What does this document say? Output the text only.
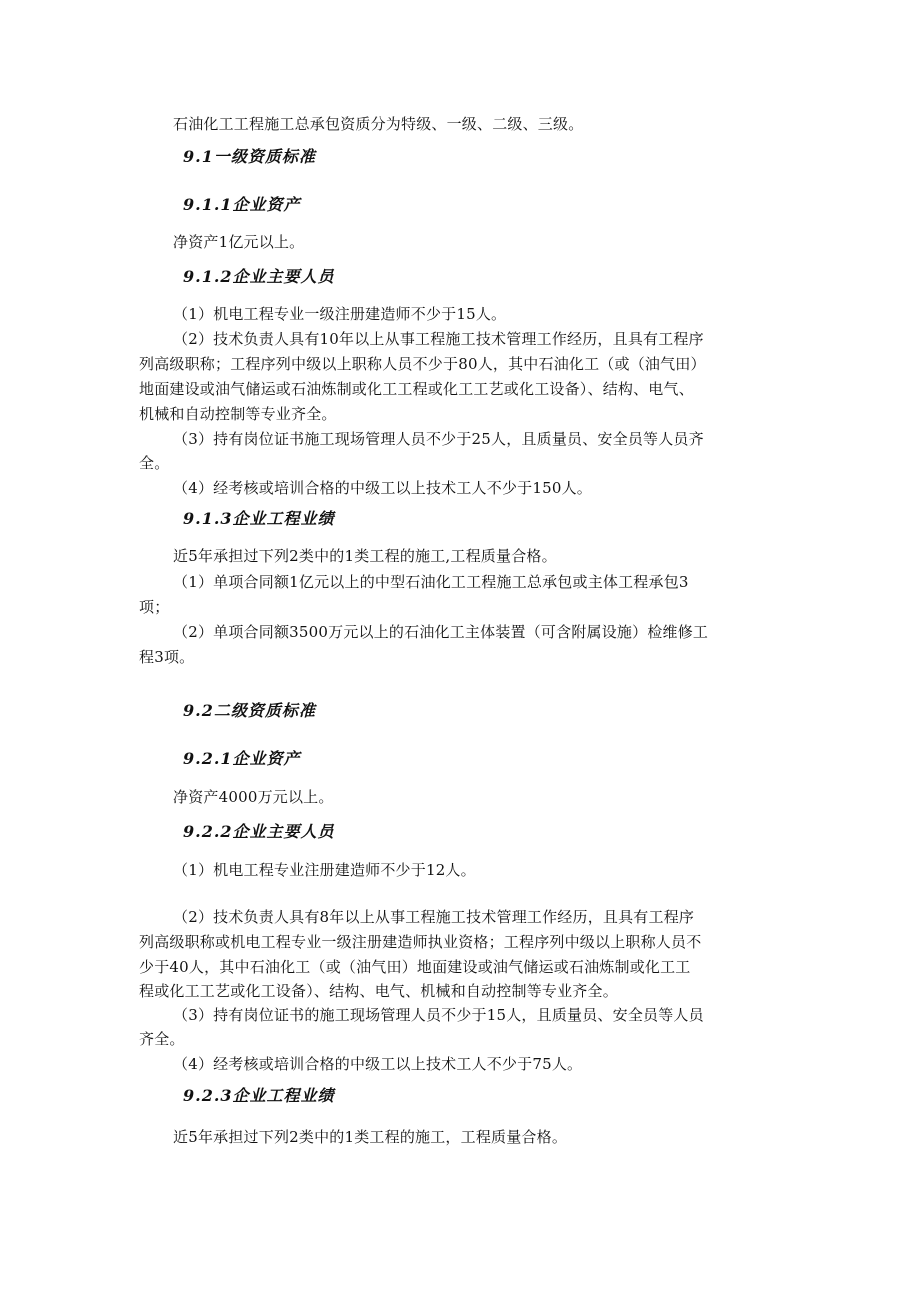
石油化工工程施工总承包资质分为特级、一级、二级、三级。

9.1一级资质标准
9.1.1企业资产

净资产1亿元以上。

9.1.2企业主要人员

（1）机电工程专业一级注册建造师不少于15人。

（2）技术负责人具有10年以上从事工程施工技术管理工作经历，且具有工程序

列高级职称；工程序列中级以上职称人员不少于80人，其中石油化工（或（油气田）

地面建设或油气储运或石油炼制或化工工程或化工工艺或化工设备）、结构、电气、

机械和自动控制等专业齐全。

（3）持有岗位证书施工现场管理人员不少于25人，且质量员、安全员等人员齐

全。

（4）经考核或培训合格的中级工以上技术工人不少于150人。

9.1.3企业工程业绩

近5年承担过下列2类中的1类工程的施工,工程质量合格。

（1）单项合同额1亿元以上的中型石油化工工程施工总承包或主体工程承包3

项；

（2）单项合同额3500万元以上的石油化工主体装置（可含附属设施）检维修工

程3项。

9.2二级资质标准
9.2.1企业资产

净资产4000万元以上。

9.2.2企业主要人员

（1）机电工程专业注册建造师不少于12人。

（2）技术负责人具有8年以上从事工程施工技术管理工作经历，且具有工程序

列高级职称或机电工程专业一级注册建造师执业资格；工程序列中级以上职称人员不

少于40人，其中石油化工（或（油气田）地面建设或油气储运或石油炼制或化工工

程或化工工艺或化工设备）、结构、电气、机械和自动控制等专业齐全。

（3）持有岗位证书的施工现场管理人员不少于15人，且质量员、安全员等人员

齐全。

（4）经考核或培训合格的中级工以上技术工人不少于75人。

9.2.3企业工程业绩

近5年承担过下列2类中的1类工程的施工，工程质量合格。
